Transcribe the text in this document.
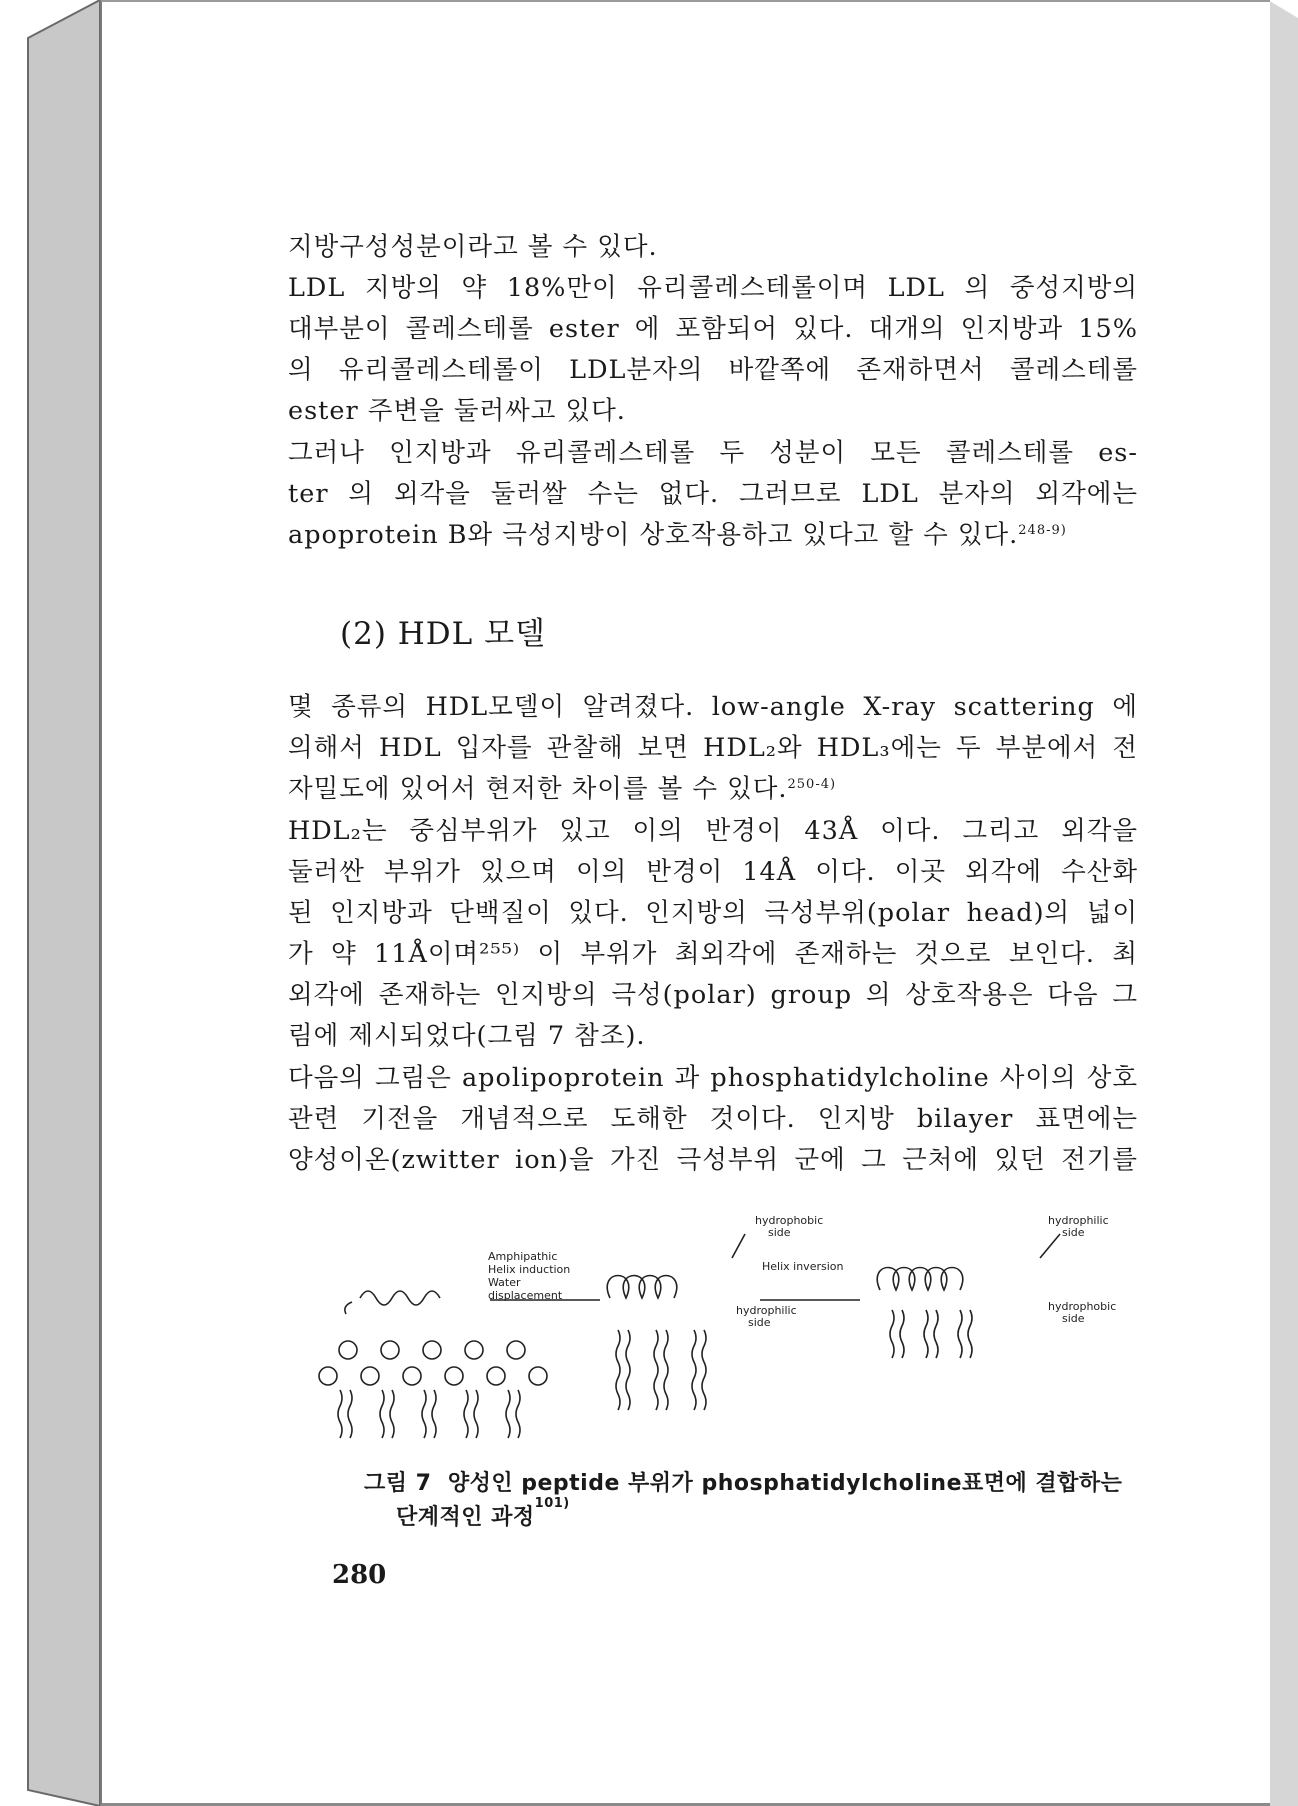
지방구성성분이라고 볼 수 있다.
LDL 지방의 약 18%만이 유리콜레스테롤이며 LDL 의 중성지방의
대부분이 콜레스테롤 ester 에 포함되어 있다. 대개의 인지방과 15%
의 유리콜레스테롤이 LDL분자의 바깥쪽에 존재하면서 콜레스테롤
ester 주변을 둘러싸고 있다.
그러나 인지방과 유리콜레스테롤 두 성분이 모든 콜레스테롤 es-
ter 의 외각을 둘러쌀 수는 없다. 그러므로 LDL 분자의 외각에는
apoprotein B와 극성지방이 상호작용하고 있다고 할 수 있다.$^{248-9)}$
(2) HDL 모델
몇 종류의 HDL모델이 알려졌다. low-angle X-ray scattering 에
의해서 HDL 입자를 관찰해 보면 HDL₂와 HDL₃에는 두 부분에서 전
자밀도에 있어서 현저한 차이를 볼 수 있다.$^{250-4)}$
HDL₂는 중심부위가 있고 이의 반경이 43Å 이다. 그리고 외각을
둘러싼 부위가 있으며 이의 반경이 14Å 이다. 이곳 외각에 수산화
된 인지방과 단백질이 있다. 인지방의 극성부위(polar head)의 넓이
가 약 11Å이며²⁵⁵⁾ 이 부위가 최외각에 존재하는 것으로 보인다. 최
외각에 존재하는 인지방의 극성(polar) group 의 상호작용은 다음 그
림에 제시되었다(그림 7 참조).
다음의 그림은 apolipoprotein 과 phosphatidylcholine 사이의 상호
관련 기전을 개념적으로 도해한 것이다. 인지방 bilayer 표면에는
양성이온(zwitter ion)을 가진 극성부위 군에 그 근처에 있던 전기를
hydrophobic
side
hydrophilic
side
Amphipathic
Helix induction
Water
displacement
Helix inversion
hydrophilic
side
hydrophobic
side
그림 7 양성인 peptide 부위가 phosphatidylcholine표면에 결합하는
단계적인 과정$^{101)}$
280
